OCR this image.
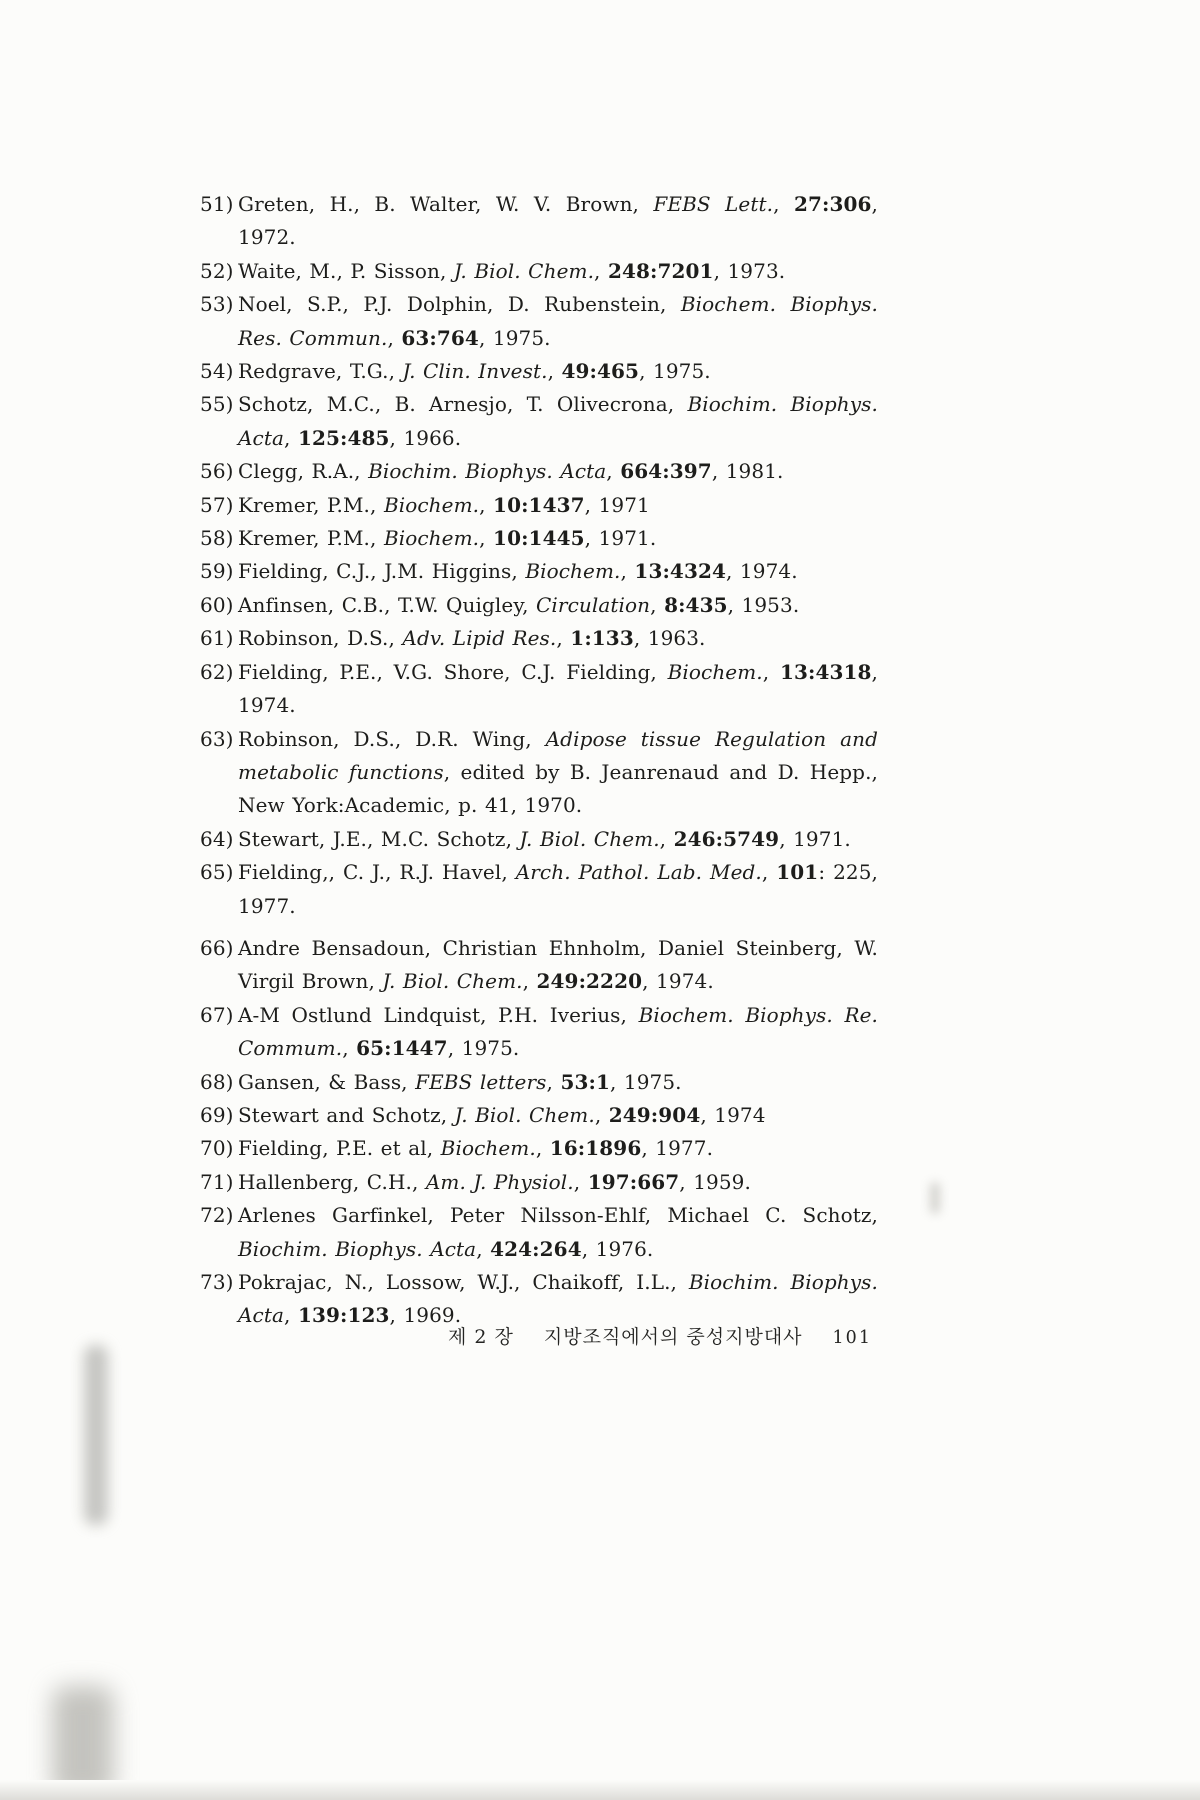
51) Greten, H., B. Walter, W. V. Brown, FEBS Lett., 27:306, 1972.
52) Waite, M., P. Sisson, J. Biol. Chem., 248:7201, 1973.
53) Noel, S.P., P.J. Dolphin, D. Rubenstein, Biochem. Biophys. Res. Commun., 63:764, 1975.
54) Redgrave, T.G., J. Clin. Invest., 49:465, 1975.
55) Schotz, M.C., B. Arnesjo, T. Olivecrona, Biochim. Biophys. Acta, 125:485, 1966.
56) Clegg, R.A., Biochim. Biophys. Acta, 664:397, 1981.
57) Kremer, P.M., Biochem., 10:1437, 1971
58) Kremer, P.M., Biochem., 10:1445, 1971.
59) Fielding, C.J., J.M. Higgins, Biochem., 13:4324, 1974.
60) Anfinsen, C.B., T.W. Quigley, Circulation, 8:435, 1953.
61) Robinson, D.S., Adv. Lipid Res., 1:133, 1963.
62) Fielding, P.E., V.G. Shore, C.J. Fielding, Biochem., 13:4318, 1974.
63) Robinson, D.S., D.R. Wing, Adipose tissue Regulation and metabolic functions, edited by B. Jeanrenaud and D. Hepp., New York:Academic, p. 41, 1970.
64) Stewart, J.E., M.C. Schotz, J. Biol. Chem., 246:5749, 1971.
65) Fielding,, C. J., R.J. Havel, Arch. Pathol. Lab. Med., 101: 225, 1977.
66) Andre Bensadoun, Christian Ehnholm, Daniel Steinberg, W. Virgil Brown, J. Biol. Chem., 249:2220, 1974.
67) A-M Ostlund Lindquist, P.H. Iverius, Biochem. Biophys. Re. Commum., 65:1447, 1975.
68) Gansen, & Bass, FEBS letters, 53:1, 1975.
69) Stewart and Schotz, J. Biol. Chem., 249:904, 1974
70) Fielding, P.E. et al, Biochem., 16:1896, 1977.
71) Hallenberg, C.H., Am. J. Physiol., 197:667, 1959.
72) Arlenes Garfinkel, Peter Nilsson-Ehlf, Michael C. Schotz, Biochim. Biophys. Acta, 424:264, 1976.
73) Pokrajac, N., Lossow, W.J., Chaikoff, I.L., Biochim. Biophys. Acta, 139:123, 1969.
제 2 장 지방조직에서의 중성지방대사 101
